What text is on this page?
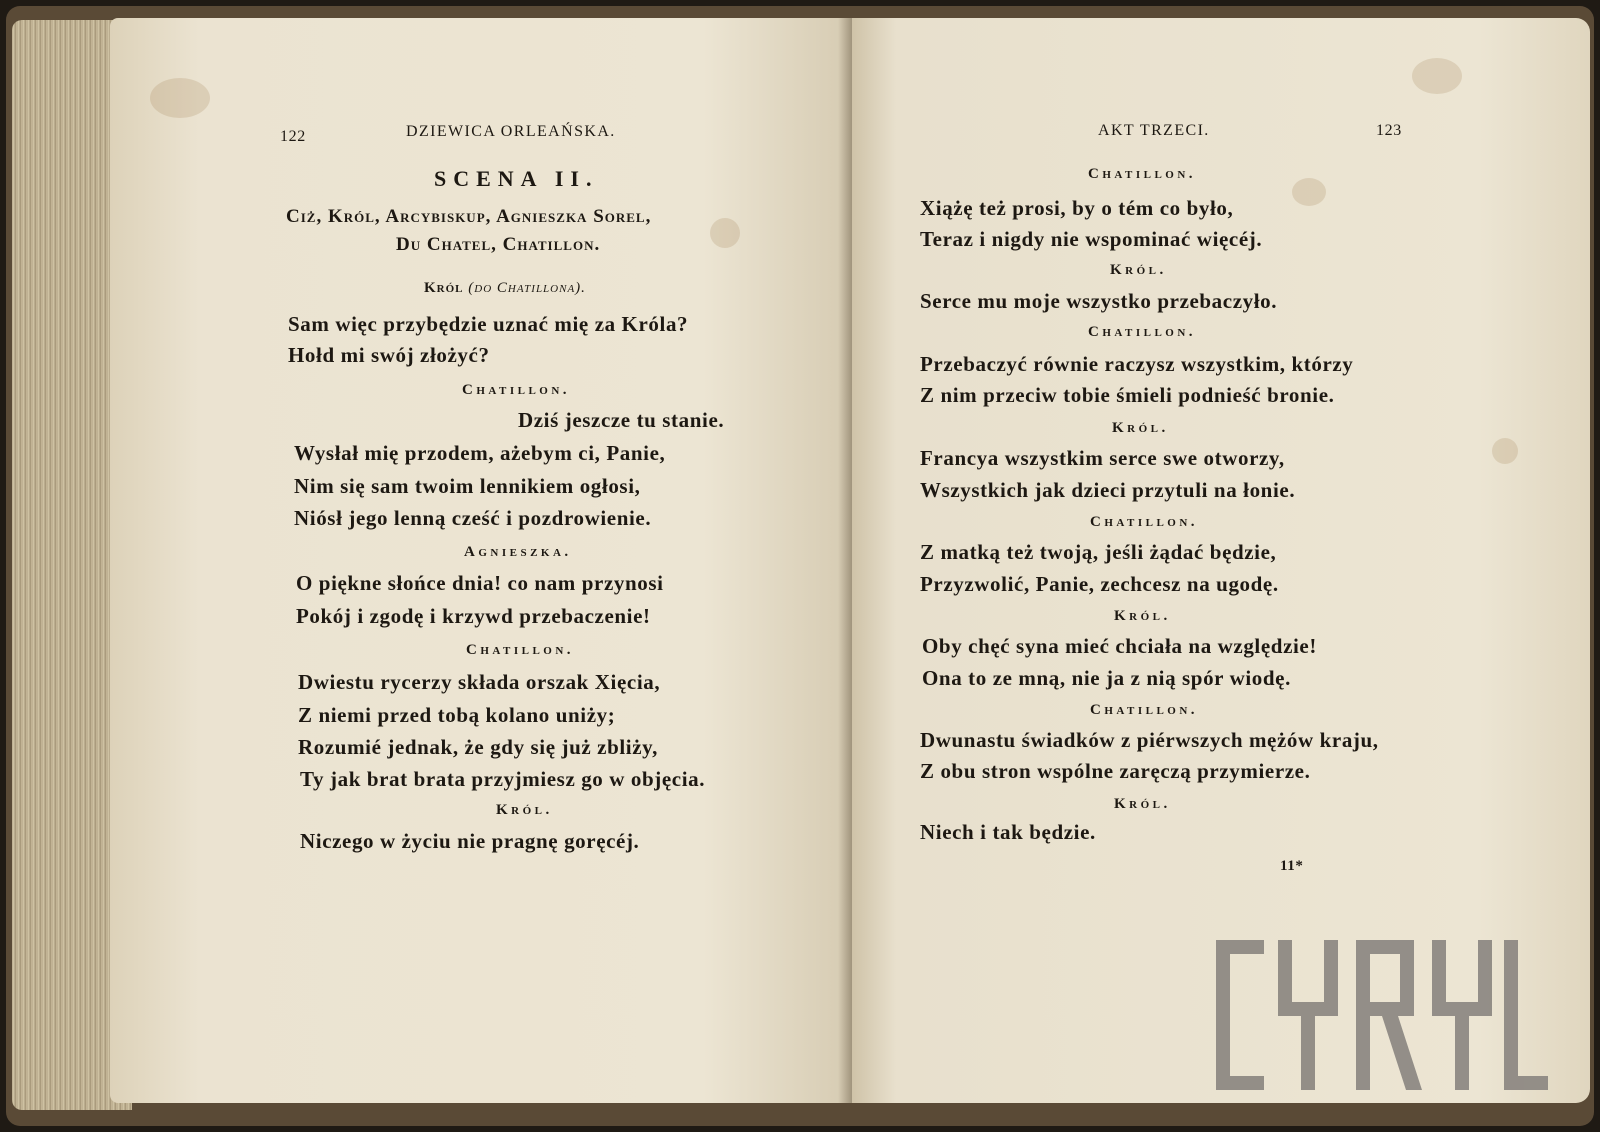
122	DZIEWICA ORLEAŃSKA.
SCENA II.
Ciż, Król, Arcybiskup, Agnieszka Sorel,
Du Chatel, Chatillon.
Król (do Chatillona).
Sam więc przybędzie uznać mię za Króla?
Hołd mi swój złożyć?
Chatillon.
Dziś jeszcze tu stanie.
Wysłał mię przodem, ażebym ci, Panie,
Nim się sam twoim lennikiem ogłosi,
Niósł jego lenną cześć i pozdrowienie.
Agnieszka.
O piękne słońce dnia! co nam przynosi
Pokój i zgodę i krzywd przebaczenie!
Chatillon.
Dwiestu rycerzy składa orszak Xięcia,
Z niemi przed tobą kolano uniży;
Rozumié jednak, że gdy się już zbliży,
Ty jak brat brata przyjmiesz go w objęcia.
Król.
Niczego w życiu nie pragnę goręcéj.
AKT TRZECI.	123
Chatillon.
Xiążę też prosi, by o tém co było,
Teraz i nigdy nie wspominać więcéj.
Król.
Serce mu moje wszystko przebaczyło.
Chatillon.
Przebaczyć równie raczysz wszystkim, którzy
Z nim przeciw tobie śmieli podnieść bronie.
Król.
Francya wszystkim serce swe otworzy,
Wszystkich jak dzieci przytuli na łonie.
Chatillon.
Z matką też twoją, jeśli żądać będzie,
Przyzwolić, Panie, zechcesz na ugodę.
Król.
Oby chęć syna mieć chciała na względzie!
Ona to ze mną, nie ja z nią spór wiodę.
Chatillon.
Dwunastu świadków z piérwszych mężów kraju,
Z obu stron wspólne zaręczą przymierze.
Król.
Niech i tak będzie.
11*
